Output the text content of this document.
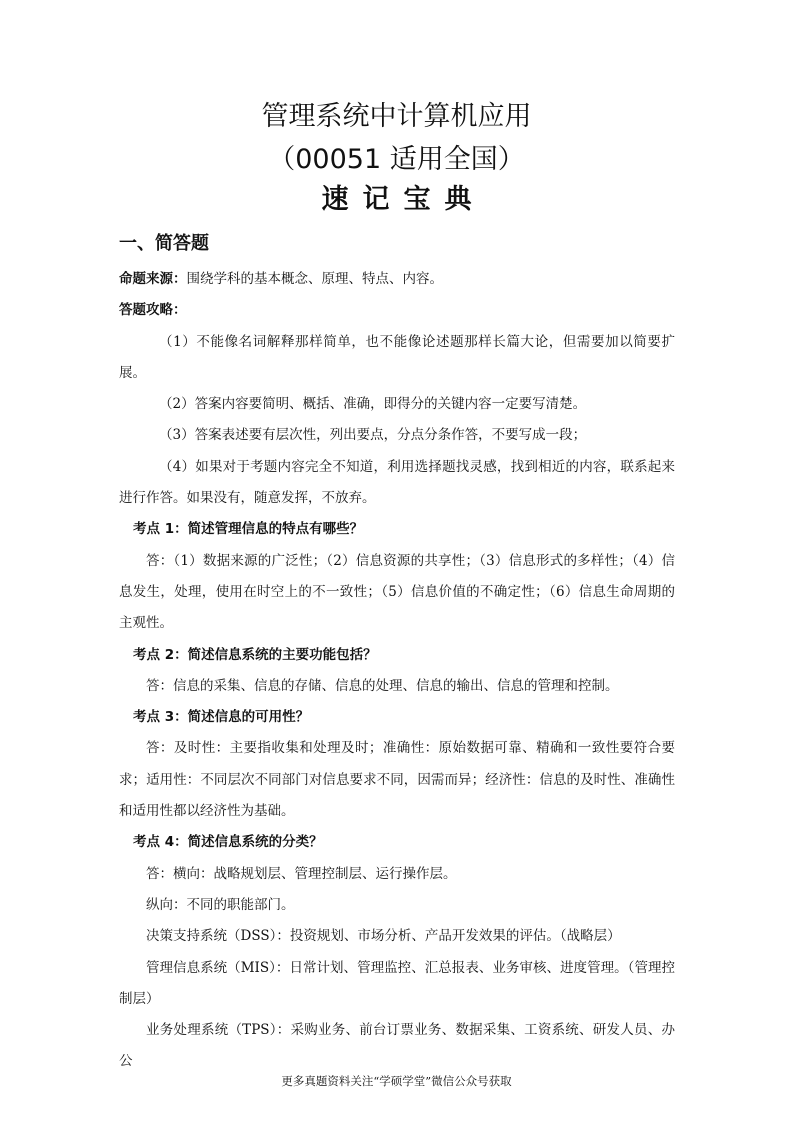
管理系统中计算机应用
（00051 适用全国）
速记宝典
一、简答题

命题来源：围绕学科的基本概念、原理、特点、内容。

答题攻略：

（1）不能像名词解释那样简单，也不能像论述题那样长篇大论，但需要加以简要扩展。

（2）答案内容要简明、概括、准确，即得分的关键内容一定要写清楚。

（3）答案表述要有层次性，列出要点，分点分条作答，不要写成一段；

（4）如果对于考题内容完全不知道，利用选择题找灵感，找到相近的内容，联系起来进行作答。如果没有，随意发挥，不放弃。

考点 1：简述管理信息的特点有哪些？

答：（1）数据来源的广泛性；（2）信息资源的共享性；（3）信息形式的多样性；（4）信息发生，处理，使用在时空上的不一致性；（5）信息价值的不确定性；（6）信息生命周期的主观性。

考点 2：简述信息系统的主要功能包括？

答：信息的采集、信息的存储、信息的处理、信息的输出、信息的管理和控制。

考点 3：简述信息的可用性？

答：及时性：主要指收集和处理及时；准确性：原始数据可靠、精确和一致性要符合要求；适用性：不同层次不同部门对信息要求不同，因需而异；经济性：信息的及时性、准确性和适用性都以经济性为基础。

考点 4：简述信息系统的分类？

答：横向：战略规划层、管理控制层、运行操作层。

纵向：不同的职能部门。

决策支持系统（DSS）：投资规划、市场分析、产品开发效果的评估。（战略层）

管理信息系统（MIS）：日常计划、管理监控、汇总报表、业务审核、进度管理。（管理控制层）

业务处理系统（TPS）：采购业务、前台订票业务、数据采集、工资系统、研发人员、办公

更多真题资料关注“学硕学堂”微信公众号获取
